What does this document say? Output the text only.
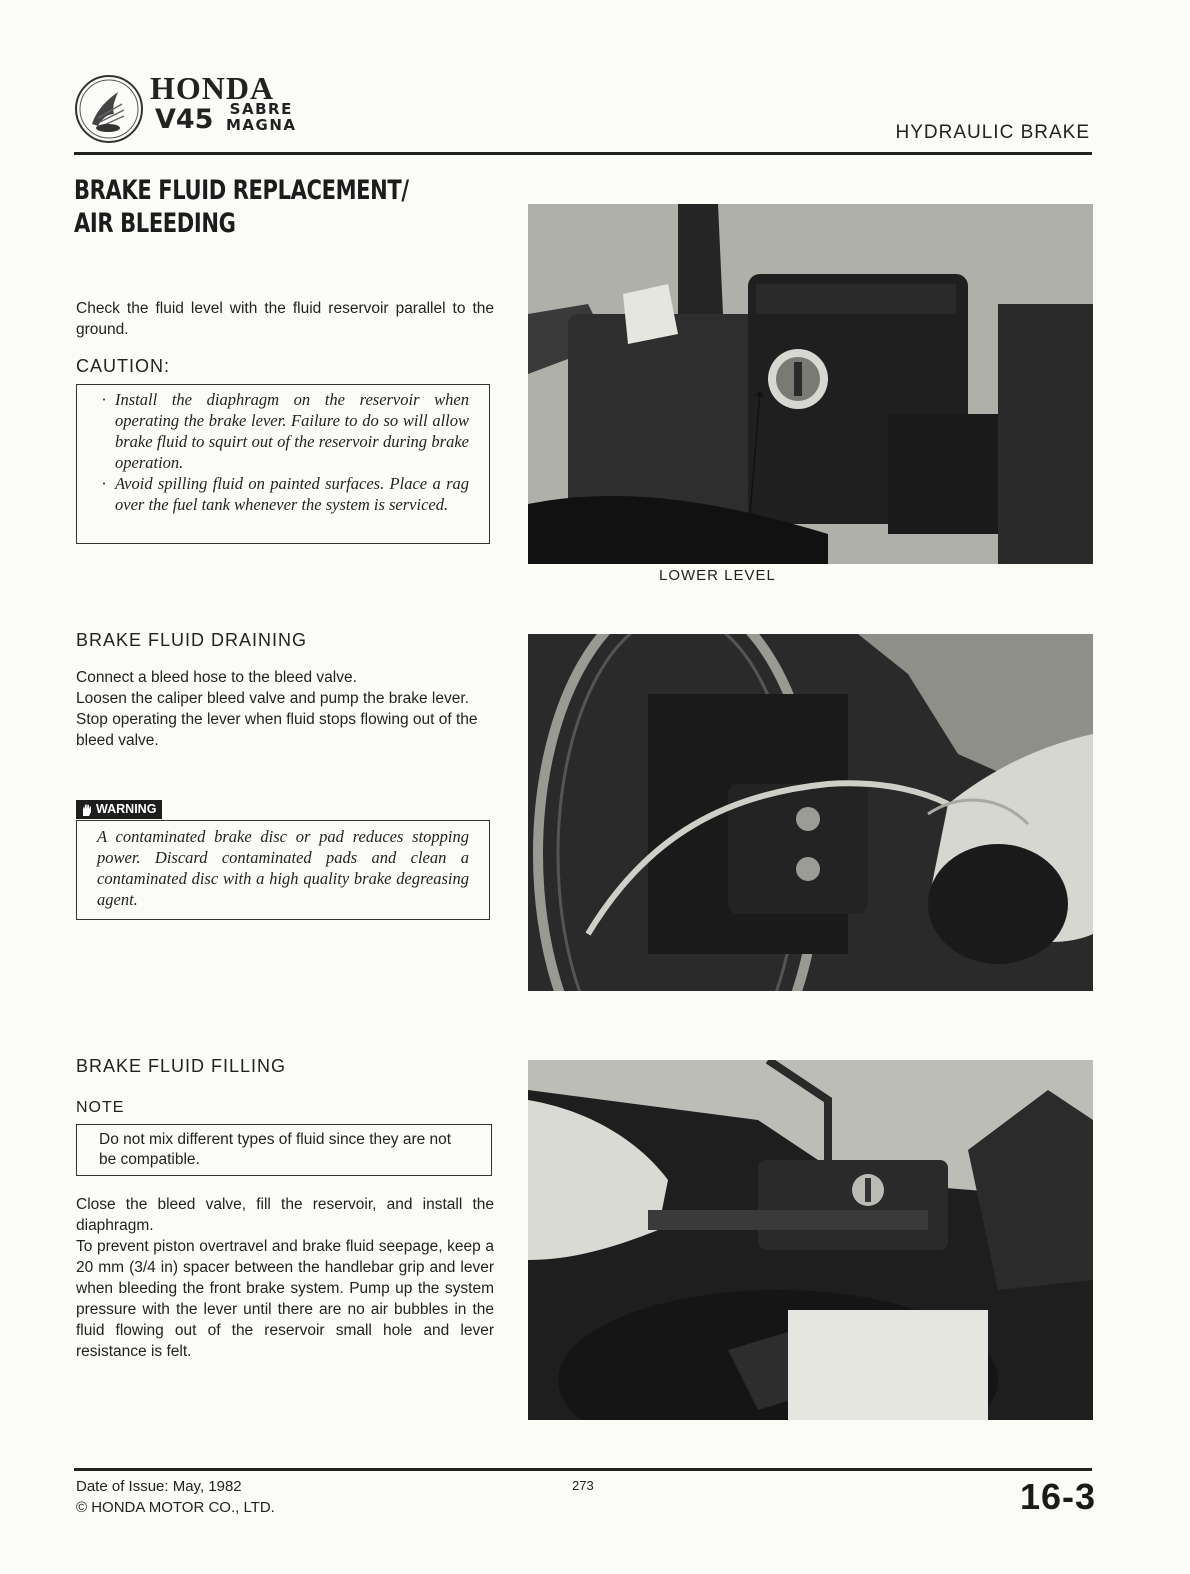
HONDA
V45 SABRE
MAGNA	HYDRAULIC BRAKE
BRAKE FLUID REPLACEMENT/
AIR BLEEDING

Check the fluid level with the fluid reservoir parallel to the ground.

CAUTION:
· Install the diaphragm on the reservoir when operating the brake lever. Failure to do so will allow brake fluid to squirt out of the reservoir during brake operation.
· Avoid spilling fluid on painted surfaces. Place a rag over the fuel tank whenever the system is serviced.
LOWER LEVEL
BRAKE FLUID DRAINING

Connect a bleed hose to the bleed valve.

Loosen the caliper bleed valve and pump the brake lever.

Stop operating the lever when fluid stops flowing out of the bleed valve.

WARNING
A contaminated brake disc or pad reduces stopping power. Discard contaminated pads and clean a contaminated disc with a high quality brake degreasing agent.
BRAKE FLUID FILLING
NOTE
Do not mix different types of fluid since they are not be compatible.

Close the bleed valve, fill the reservoir, and install the diaphragm.

To prevent piston overtravel and brake fluid seepage, keep a 20 mm (3/4 in) spacer between the handlebar grip and lever when bleeding the front brake system. Pump up the system pressure with the lever until there are no air bubbles in the fluid flowing out of the reservoir small hole and lever resistance is felt.

Date of Issue: May, 1982
© HONDA MOTOR CO., LTD.
273	16-3
